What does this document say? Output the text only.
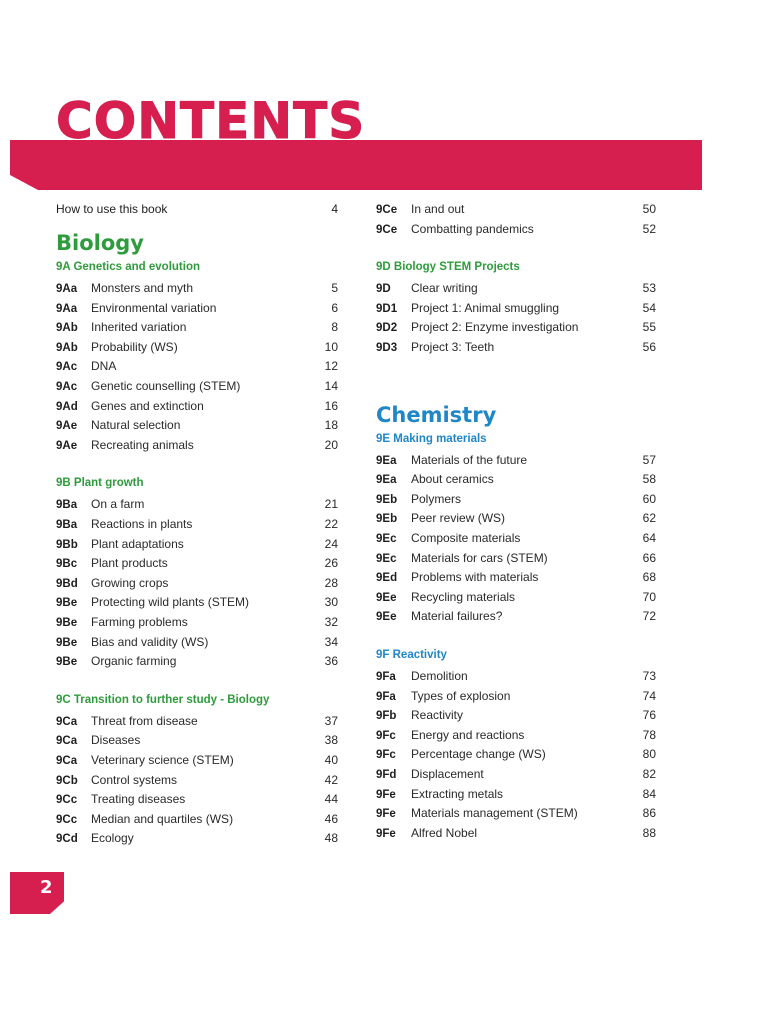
CONTENTS
How to use this book	4
Biology
9A Genetics and evolution
9Aa	Monsters and myth	5
9Aa	Environmental variation	6
9Ab	Inherited variation	8
9Ab	Probability (WS)	10
9Ac	DNA	12
9Ac	Genetic counselling (STEM)	14
9Ad	Genes and extinction	16
9Ae	Natural selection	18
9Ae	Recreating animals	20
9B Plant growth
9Ba	On a farm	21
9Ba	Reactions in plants	22
9Bb	Plant adaptations	24
9Bc	Plant products	26
9Bd	Growing crops	28
9Be	Protecting wild plants (STEM)	30
9Be	Farming problems	32
9Be	Bias and validity (WS)	34
9Be	Organic farming	36
9C Transition to further study - Biology
9Ca	Threat from disease	37
9Ca	Diseases	38
9Ca	Veterinary science (STEM)	40
9Cb	Control systems	42
9Cc	Treating diseases	44
9Cc	Median and quartiles (WS)	46
9Cd	Ecology	48
9Ce	In and out	50
9Ce	Combatting pandemics	52
9D Biology STEM Projects
9D	Clear writing	53
9D1	Project 1: Animal smuggling	54
9D2	Project 2: Enzyme investigation	55
9D3	Project 3: Teeth	56
Chemistry
9E Making materials
9Ea	Materials of the future	57
9Ea	About ceramics	58
9Eb	Polymers	60
9Eb	Peer review (WS)	62
9Ec	Composite materials	64
9Ec	Materials for cars (STEM)	66
9Ed	Problems with materials	68
9Ee	Recycling materials	70
9Ee	Material failures?	72
9F Reactivity
9Fa	Demolition	73
9Fa	Types of explosion	74
9Fb	Reactivity	76
9Fc	Energy and reactions	78
9Fc	Percentage change (WS)	80
9Fd	Displacement	82
9Fe	Extracting metals	84
9Fe	Materials management (STEM)	86
9Fe	Alfred Nobel	88
2
